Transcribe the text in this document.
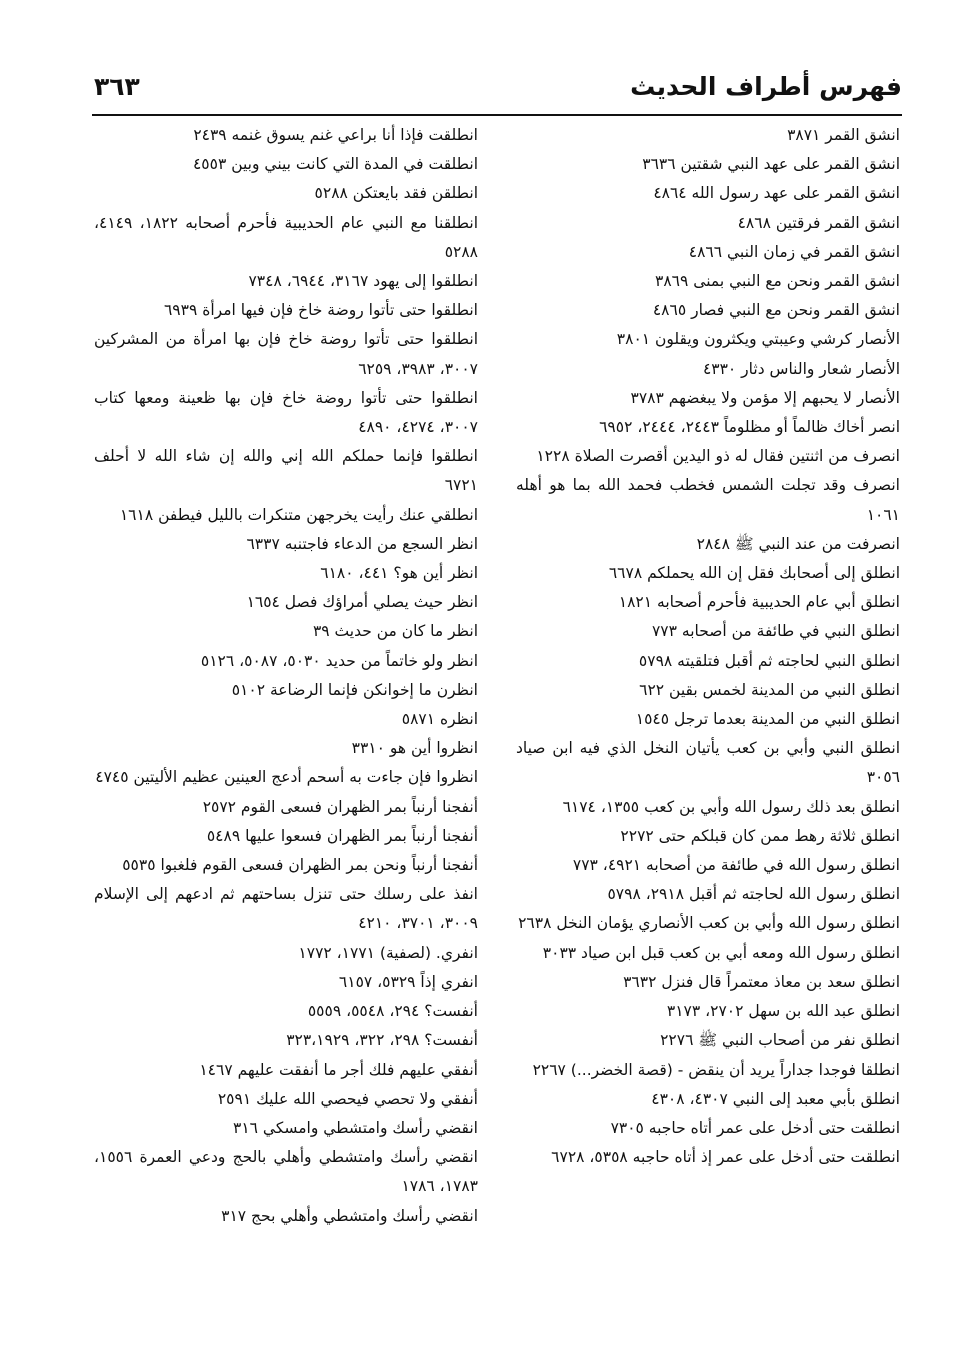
فهرس أطراف الحديث
٣٦٣
انشق القمر ٣٨٧١
انشق القمر على عهد النبي شقتين ٣٦٣٦
انشق القمر على عهد رسول الله ٤٨٦٤
انشق القمر فرقتين ٤٨٦٨
انشق القمر في زمان النبي ٤٨٦٦
انشق القمر ونحن مع النبي بمنى ٣٨٦٩
انشق القمر ونحن مع النبي فصار ٤٨٦٥
الأنصار كرشي وعيبتي ويكثرون ويقلون ٣٨٠١
الأنصار شعار والناس دثار ٤٣٣٠
الأنصار لا يحبهم إلا مؤمن ولا يبغضهم ٣٧٨٣
انصر أخاك ظالماً أو مظلوماً ٢٤٤٣، ٢٤٤٤، ٦٩٥٢
انصرف من اثنتين فقال له ذو اليدين أقصرت الصلاة ١٢٢٨
انصرف وقد تجلت الشمس فخطب فحمد الله بما هو أهله ١٠٦١
انصرفت من عند النبي ﷺ ٢٨٤٨
انطلق إلى أصحابك فقل إن الله يحملكم ٦٦٧٨
انطلق أبي عام الحديبية فأحرم أصحابه ١٨٢١
انطلق النبي في طائفة من أصحابه ٧٧٣
انطلق النبي لحاجته ثم أقبل فتلقيته ٥٧٩٨
انطلق النبي من المدينة لخمس بقين ٦٢٢
انطلق النبي من المدينة بعدما ترجل ١٥٤٥
انطلق النبي وأبي بن كعب يأتيان النخل الذي فيه ابن صياد ٣٠٥٦
انطلق بعد ذلك رسول الله وأبي بن كعب ١٣٥٥، ٦١٧٤
انطلق ثلاثة رهط ممن كان قبلكم حتى ٢٢٧٢
انطلق رسول الله في طائفة من أصحابه ٤٩٢١، ٧٧٣
انطلق رسول الله لحاجته ثم أقبل ٢٩١٨، ٥٧٩٨
انطلق رسول الله وأبي بن كعب الأنصاري يؤمان النخل ٢٦٣٨
انطلق رسول الله ومعه أبي بن كعب قبل ابن صياد ٣٠٣٣
انطلق سعد بن معاذ معتمراً قال فنزل ٣٦٣٢
انطلق عبد الله بن سهل ٢٧٠٢، ٣١٧٣
انطلق نفر من أصحاب النبي ﷺ ٢٢٧٦
انطلقا فوجدا جداراً يريد أن ينقض - (قصة الخضر...) ٢٢٦٧
انطلق بأبي معبد إلى النبي ٤٣٠٧، ٤٣٠٨
انطلقت حتى أدخل على عمر أتاه حاجبه ٧٣٠٥
انطلقت حتى أدخل على عمر إذ أتاه حاجبه ٥٣٥٨، ٦٧٢٨
انطلقت فإذا أنا براعي غنم يسوق غنمه ٢٤٣٩
انطلقت في المدة التي كانت بيني وبين ٤٥٥٣
انطلقن فقد بايعتكن ٥٢٨٨
انطلقنا مع النبي عام الحديبية فأحرم أصحابه ١٨٢٢، ٤١٤٩، ٥٢٨٨
انطلقوا إلى يهود ٣١٦٧، ٦٩٤٤، ٧٣٤٨
انطلقوا حتى تأتوا روضة خاخ فإن فيها امرأة ٦٩٣٩
انطلقوا حتى تأتوا روضة خاخ فإن بها امرأة من المشركين ٣٠٠٧، ٣٩٨٣، ٦٢٥٩
انطلقوا حتى تأتوا روضة خاخ فإن بها ظعينة ومعها كتاب ٣٠٠٧، ٤٢٧٤، ٤٨٩٠
انطلقوا فإنما حملكم الله إني والله إن شاء الله لا أحلف ٦٧٢١
انطلقي عنك رأيت يخرجهن متنكرات بالليل فيطفن ١٦١٨
انظر السجع من الدعاء فاجتنبه ٦٣٣٧
انظر أين هو؟ ٤٤١، ٦١٨٠
انظر حيث يصلي أمراؤك فصل ١٦٥٤
انظر ما كان من حديث ٣٩
انظر ولو خاتماً من حديد ٥٠٣٠، ٥٠٨٧، ٥١٢٦
انظرن ما إخوانكن فإنما الرضاعة ٥١٠٢
انظره ٥٨٧١
انظروا أين هو ٣٣١٠
انظروا فإن جاءت به أسحم أدعج العينين عظيم الأليتين ٤٧٤٥
أنفجنا أرنباً بمر الظهران فسعى القوم ٢٥٧٢
أنفجنا أرنباً بمر الظهران فسعوا عليها ٥٤٨٩
أنفجنا أرنباً ونحن بمر الظهران فسعى القوم فلغبوا ٥٥٣٥
انفذ على رسلك حتى تنزل بساحتهم ثم ادعهم إلى الإسلام ٣٠٠٩، ٣٧٠١، ٤٢١٠
انفري. (لصفية) ١٧٧١، ١٧٧٢
انفري إذاً ٥٣٢٩، ٦١٥٧
أنفست؟ ٢٩٤، ٥٥٤٨، ٥٥٥٩
أنفست؟ ٢٩٨، ٣٢٢، ٣٢٣،١٩٢٩
أنفقي عليهم فلك أجر ما أنفقت عليهم ١٤٦٧
أنفقي ولا تحصي فيحصي الله عليك ٢٥٩١
انقضي رأسك وامتشطي وامسكي ٣١٦
انقضي رأسك وامتشطي وأهلي بالحج ودعي العمرة ١٥٥٦، ١٧٨٣، ١٧٨٦
انقضي رأسك وامتشطي وأهلي بحج ٣١٧
